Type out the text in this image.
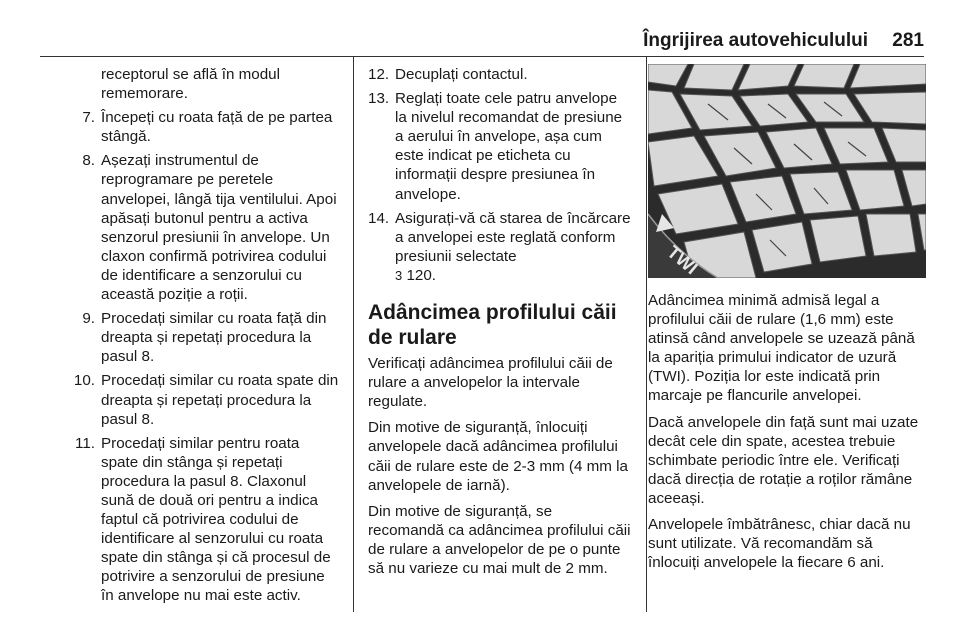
Îngrijirea autovehiculului	281
receptorul se află în modul rememorare.
7. Începeți cu roata față de pe partea stângă.
8. Așezați instrumentul de reprogramare pe peretele anvelopei, lângă tija ventilului. Apoi apăsați butonul pentru a activa senzorul presiunii în anvelope. Un claxon confirmă potrivirea codului de identificare a senzorului cu această poziție a roții.
9. Procedați similar cu roata față din dreapta și repetați procedura la pasul 8.
10. Procedați similar cu roata spate din dreapta și repetați procedura la pasul 8.
11. Procedați similar pentru roata spate din stânga și repetați procedura la pasul 8. Claxonul sună de două ori pentru a indica faptul că potrivirea codului de identificare al senzorului cu roata spate din stânga și că procesul de potrivire a senzorului de presiune în anvelope nu mai este activ.
12. Decuplați contactul.
13. Reglați toate cele patru anvelope la nivelul recomandat de presiune a aerului în anvelope, așa cum este indicat pe eticheta cu informații despre presiunea în anvelope.
14. Asigurați-vă că starea de încărcare a anvelopei este reglată conform presiunii selectate
3 120.
Adâncimea profilului căii de rulare

Verificați adâncimea profilului căii de rulare a anvelopelor la intervale regulate.

Din motive de siguranță, înlocuiți anvelopele dacă adâncimea profilului căii de rulare este de 2-3 mm (4 mm la anvelopele de iarnă).

Din motive de siguranță, se recomandă ca adâncimea profilului căii de rulare a anvelopelor de pe o punte să nu varieze cu mai mult de 2 mm.

TWI

Adâncimea minimă admisă legal a profilului căii de rulare (1,6 mm) este atinsă când anvelopele se uzează până la apariția primului indicator de uzură (TWI). Poziția lor este indicată prin marcaje pe flancurile anvelopei.

Dacă anvelopele din față sunt mai uzate decât cele din spate, acestea trebuie schimbate periodic între ele. Verificați dacă direcția de rotație a roților rămâne aceeași.

Anvelopele îmbătrânesc, chiar dacă nu sunt utilizate. Vă recomandăm să înlocuiți anvelopele la fiecare 6 ani.
